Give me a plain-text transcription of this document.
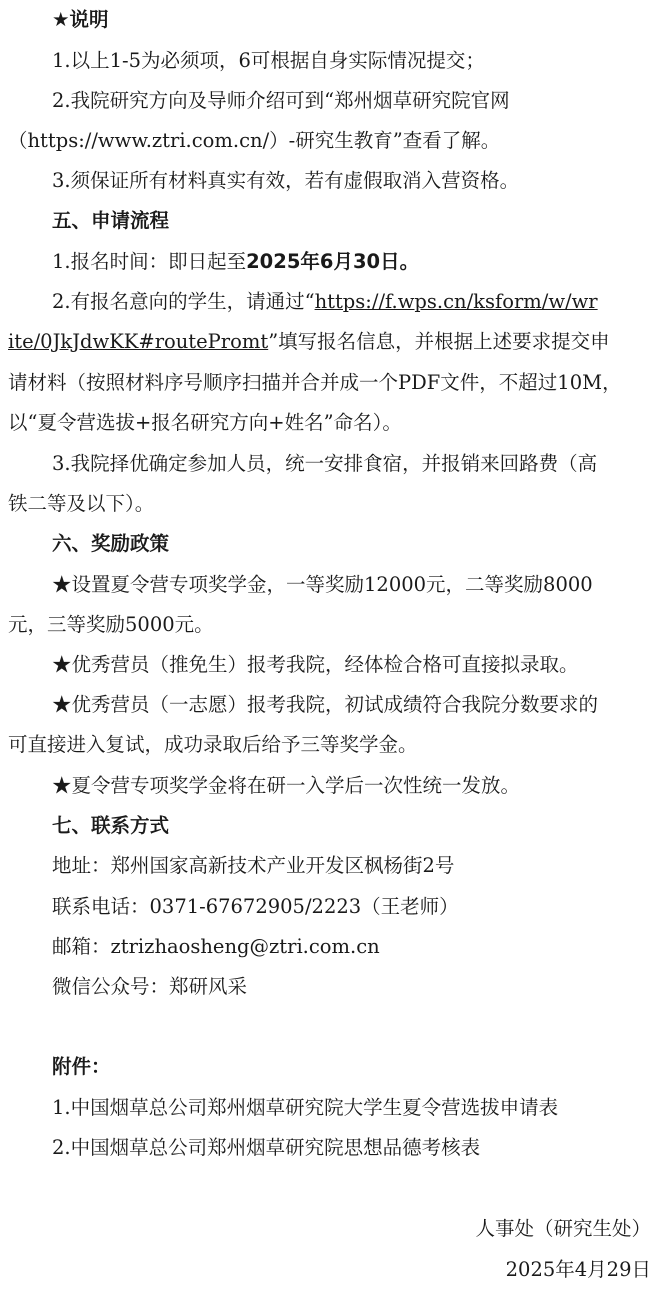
★说明
1.以上1-5为必须项，6可根据自身实际情况提交；
2.我院研究方向及导师介绍可到“郑州烟草研究院官网
（https://www.ztri.com.cn/）-研究生教育”查看了解。
3.须保证所有材料真实有效，若有虚假取消入营资格。
五、申请流程
1.报名时间：即日起至2025年6月30日。
2.有报名意向的学生，请通过“https://f.wps.cn/ksform/w/wr
ite/0JkJdwKK#routePromt”填写报名信息，并根据上述要求提交申
请材料（按照材料序号顺序扫描并合并成一个PDF文件，不超过10M，
以“夏令营选拔+报名研究方向+姓名”命名）。
3.我院择优确定参加人员，统一安排食宿，并报销来回路费（高
铁二等及以下）。
六、奖励政策
★设置夏令营专项奖学金，一等奖励12000元，二等奖励8000
元，三等奖励5000元。
★优秀营员（推免生）报考我院，经体检合格可直接拟录取。
★优秀营员（一志愿）报考我院，初试成绩符合我院分数要求的
可直接进入复试，成功录取后给予三等奖学金。
★夏令营专项奖学金将在研一入学后一次性统一发放。
七、联系方式
地址：郑州国家高新技术产业开发区枫杨街2号
联系电话：0371-67672905/2223（王老师）
邮箱：ztrizhaosheng@ztri.com.cn
微信公众号：郑研风采
附件：
1.中国烟草总公司郑州烟草研究院大学生夏令营选拔申请表
2.中国烟草总公司郑州烟草研究院思想品德考核表
人事处（研究生处）
2025年4月29日
